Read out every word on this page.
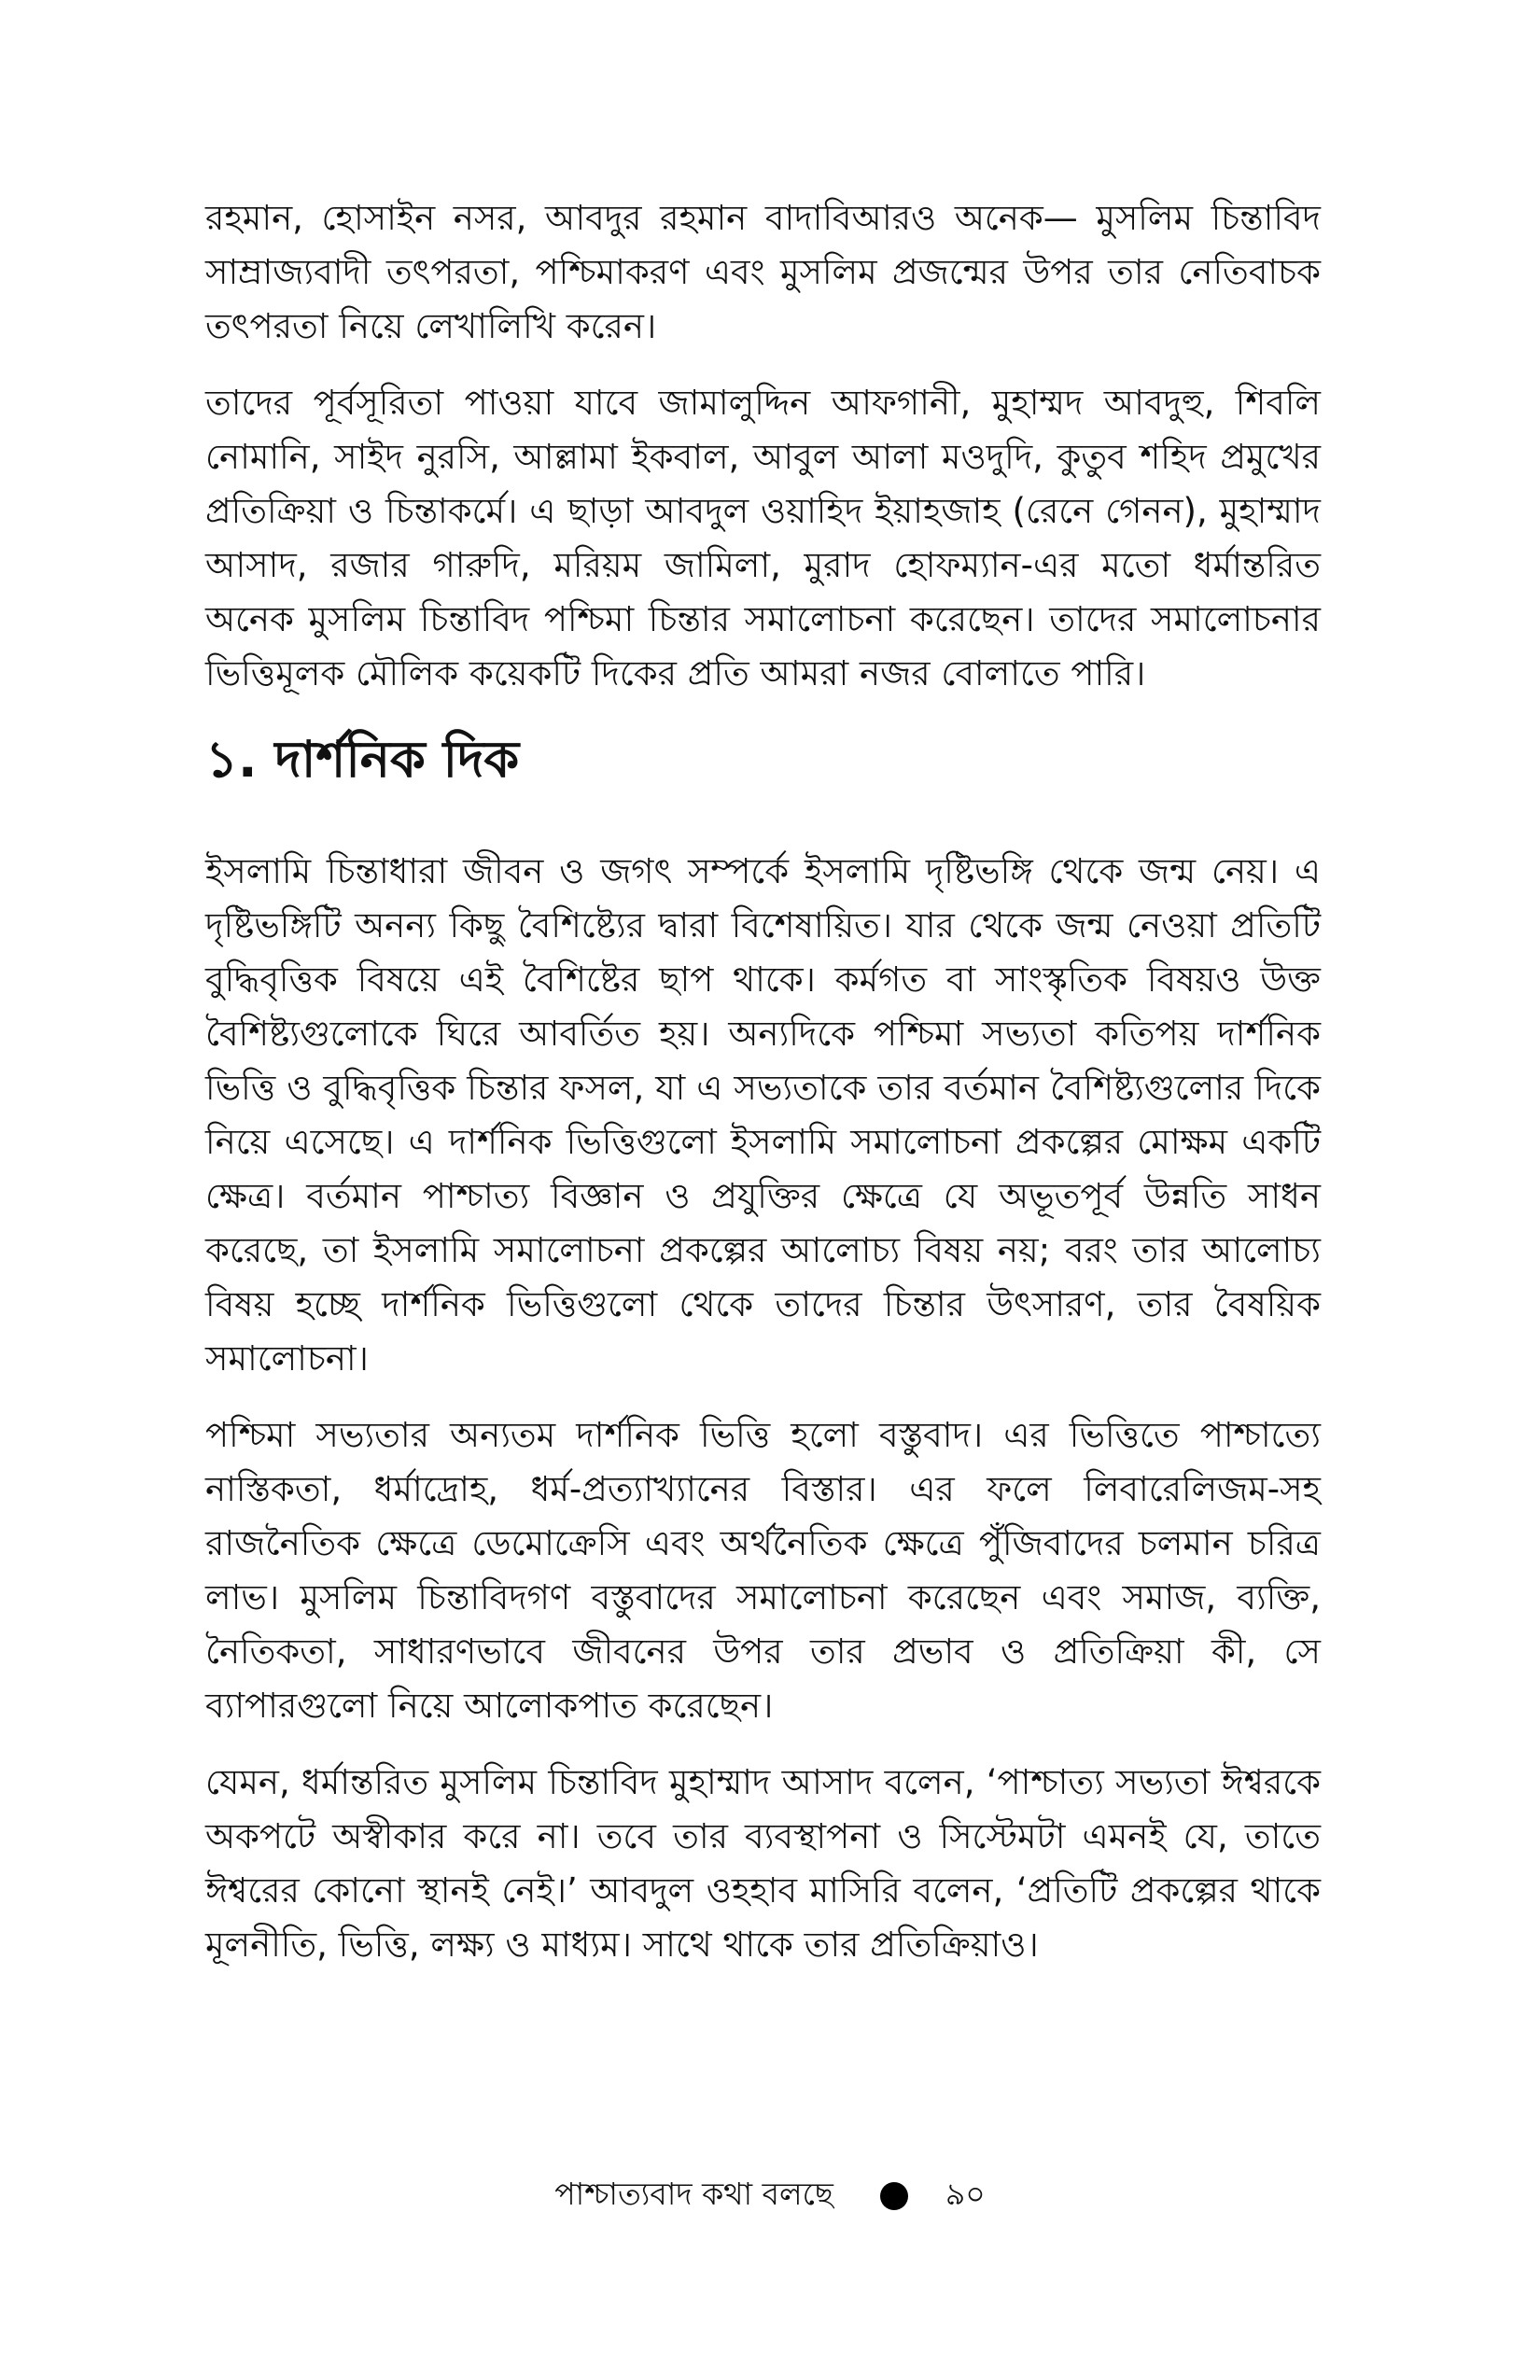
রহমান, হোসাইন নসর, আবদুর রহমান বাদাবিআরও অনেক— মুসলিম চিন্তাবিদ সাম্রাজ্যবাদী তৎপরতা, পশ্চিমাকরণ এবং মুসলিম প্রজন্মের উপর তার নেতিবাচক তৎপরতা নিয়ে লেখালিখি করেন।

তাদের পূর্বসূরিতা পাওয়া যাবে জামালুদ্দিন আফগানী, মুহাম্মদ আবদুহু, শিবলি নোমানি, সাইদ নুরসি, আল্লামা ইকবাল, আবুল আলা মওদুদি, কুতুব শহিদ প্রমুখের প্রতিক্রিয়া ও চিন্তাকর্মে। এ ছাড়া আবদুল ওয়াহিদ ইয়াহজাহ (রেনে গেনন), মুহাম্মাদ আসাদ, রজার গারুদি, মরিয়ম জামিলা, মুরাদ হোফম্যান-এর মতো ধর্মান্তরিত অনেক মুসলিম চিন্তাবিদ পশ্চিমা চিন্তার সমালোচনা করেছেন। তাদের সমালোচনার ভিত্তিমূলক মৌলিক কয়েকটি দিকের প্রতি আমরা নজর বোলাতে পারি।

১. দার্শনিক দিক

ইসলামি চিন্তাধারা জীবন ও জগৎ সম্পর্কে ইসলামি দৃষ্টিভঙ্গি থেকে জন্ম নেয়। এ দৃষ্টিভঙ্গিটি অনন্য কিছু বৈশিষ্ট্যের দ্বারা বিশেষায়িত। যার থেকে জন্ম নেওয়া প্রতিটি বুদ্ধিবৃত্তিক বিষয়ে এই বৈশিষ্টের ছাপ থাকে। কর্মগত বা সাংস্কৃতিক বিষয়ও উক্ত বৈশিষ্ট্যগুলোকে ঘিরে আবর্তিত হয়। অন্যদিকে পশ্চিমা সভ্যতা কতিপয় দার্শনিক ভিত্তি ও বুদ্ধিবৃত্তিক চিন্তার ফসল, যা এ সভ্যতাকে তার বর্তমান বৈশিষ্ট্যগুলোর দিকে নিয়ে এসেছে। এ দার্শনিক ভিত্তিগুলো ইসলামি সমালোচনা প্রকল্পের মোক্ষম একটি ক্ষেত্র। বর্তমান পাশ্চাত্য বিজ্ঞান ও প্রযুক্তির ক্ষেত্রে যে অভূতপূর্ব উন্নতি সাধন করেছে, তা ইসলামি সমালোচনা প্রকল্পের আলোচ্য বিষয় নয়; বরং তার আলোচ্য বিষয় হচ্ছে দার্শনিক ভিত্তিগুলো থেকে তাদের চিন্তার উৎসারণ, তার বৈষয়িক সমালোচনা।

পশ্চিমা সভ্যতার অন্যতম দার্শনিক ভিত্তি হলো বস্তুবাদ। এর ভিত্তিতে পাশ্চাত্যে নাস্তিকতা, ধর্মাদ্রোহ, ধর্ম-প্রত্যাখ্যানের বিস্তার। এর ফলে লিবারেলিজম-সহ রাজনৈতিক ক্ষেত্রে ডেমোক্রেসি এবং অর্থনৈতিক ক্ষেত্রে পুঁজিবাদের চলমান চরিত্র লাভ। মুসলিম চিন্তাবিদগণ বস্তুবাদের সমালোচনা করেছেন এবং সমাজ, ব্যক্তি, নৈতিকতা, সাধারণভাবে জীবনের উপর তার প্রভাব ও প্রতিক্রিয়া কী, সে ব্যাপারগুলো নিয়ে আলোকপাত করেছেন।

যেমন, ধর্মান্তরিত মুসলিম চিন্তাবিদ মুহাম্মাদ আসাদ বলেন, ‘পাশ্চাত্য সভ্যতা ঈশ্বরকে অকপটে অস্বীকার করে না। তবে তার ব্যবস্থাপনা ও সিস্টেমটা এমনই যে, তাতে ঈশ্বরের কোনো স্থানই নেই।’ আবদুল ওহহাব মাসিরি বলেন, ‘প্রতিটি প্রকল্পের থাকে মূলনীতি, ভিত্তি, লক্ষ্য ও মাধ্যম। সাথে থাকে তার প্রতিক্রিয়াও।

পাশ্চাত্যবাদ কথা বলছে	৯০
